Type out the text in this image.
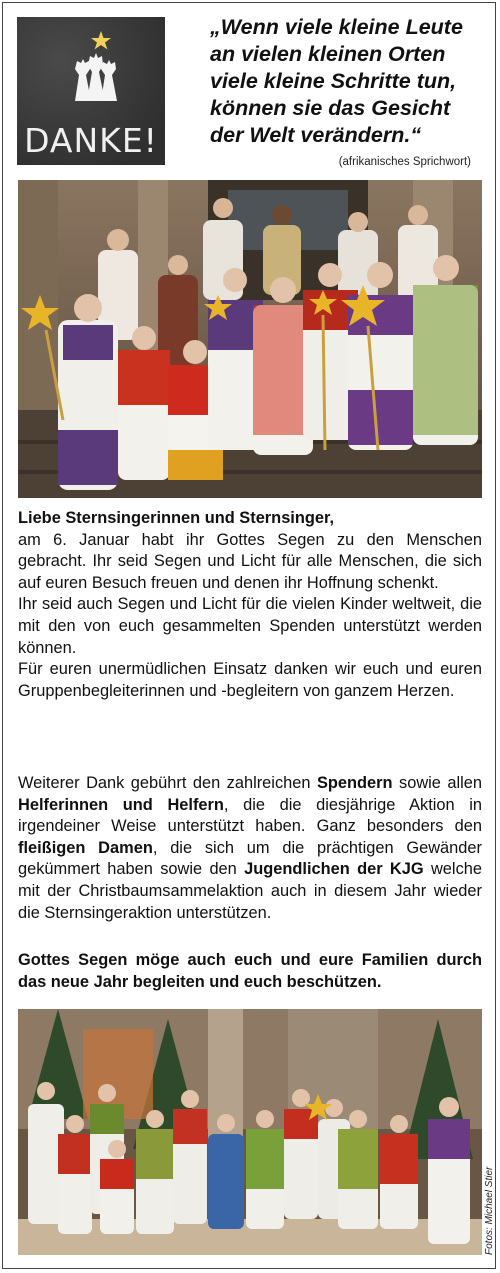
DANKE!
„Wenn viele kleine Leute
an vielen kleinen Orten
viele kleine Schritte tun,
können sie das Gesicht
der Welt verändern.“
(afrikanisches Sprichwort)

Liebe Sternsingerinnen und Sternsinger,

am 6. Januar habt ihr Gottes Segen zu den Menschen gebracht. Ihr seid Segen und Licht für alle Menschen, die sich auf euren Besuch freuen und denen ihr Hoffnung schenkt.

Ihr seid auch Segen und Licht für die vielen Kinder weltweit, die mit den von euch gesammelten Spenden unterstützt werden können.

Für euren unermüdlichen Einsatz danken wir euch und euren Gruppenbegleiterinnen und -begleitern von ganzem Herzen.

Weiterer Dank gebührt den zahlreichen Spendern sowie allen Helferinnen und Helfern, die die diesjährige Aktion in irgendeiner Weise unterstützt haben. Ganz besonders den fleißigen Damen, die sich um die prächtigen Gewänder gekümmert haben sowie den Jugendlichen der KJG welche mit der Christbaumsammelaktion auch in diesem Jahr wieder die Sternsingeraktion unterstützen.

Gottes Segen möge auch euch und eure Familien durch das neue Jahr begleiten und euch beschützen.

Fotos: Michael Stier
